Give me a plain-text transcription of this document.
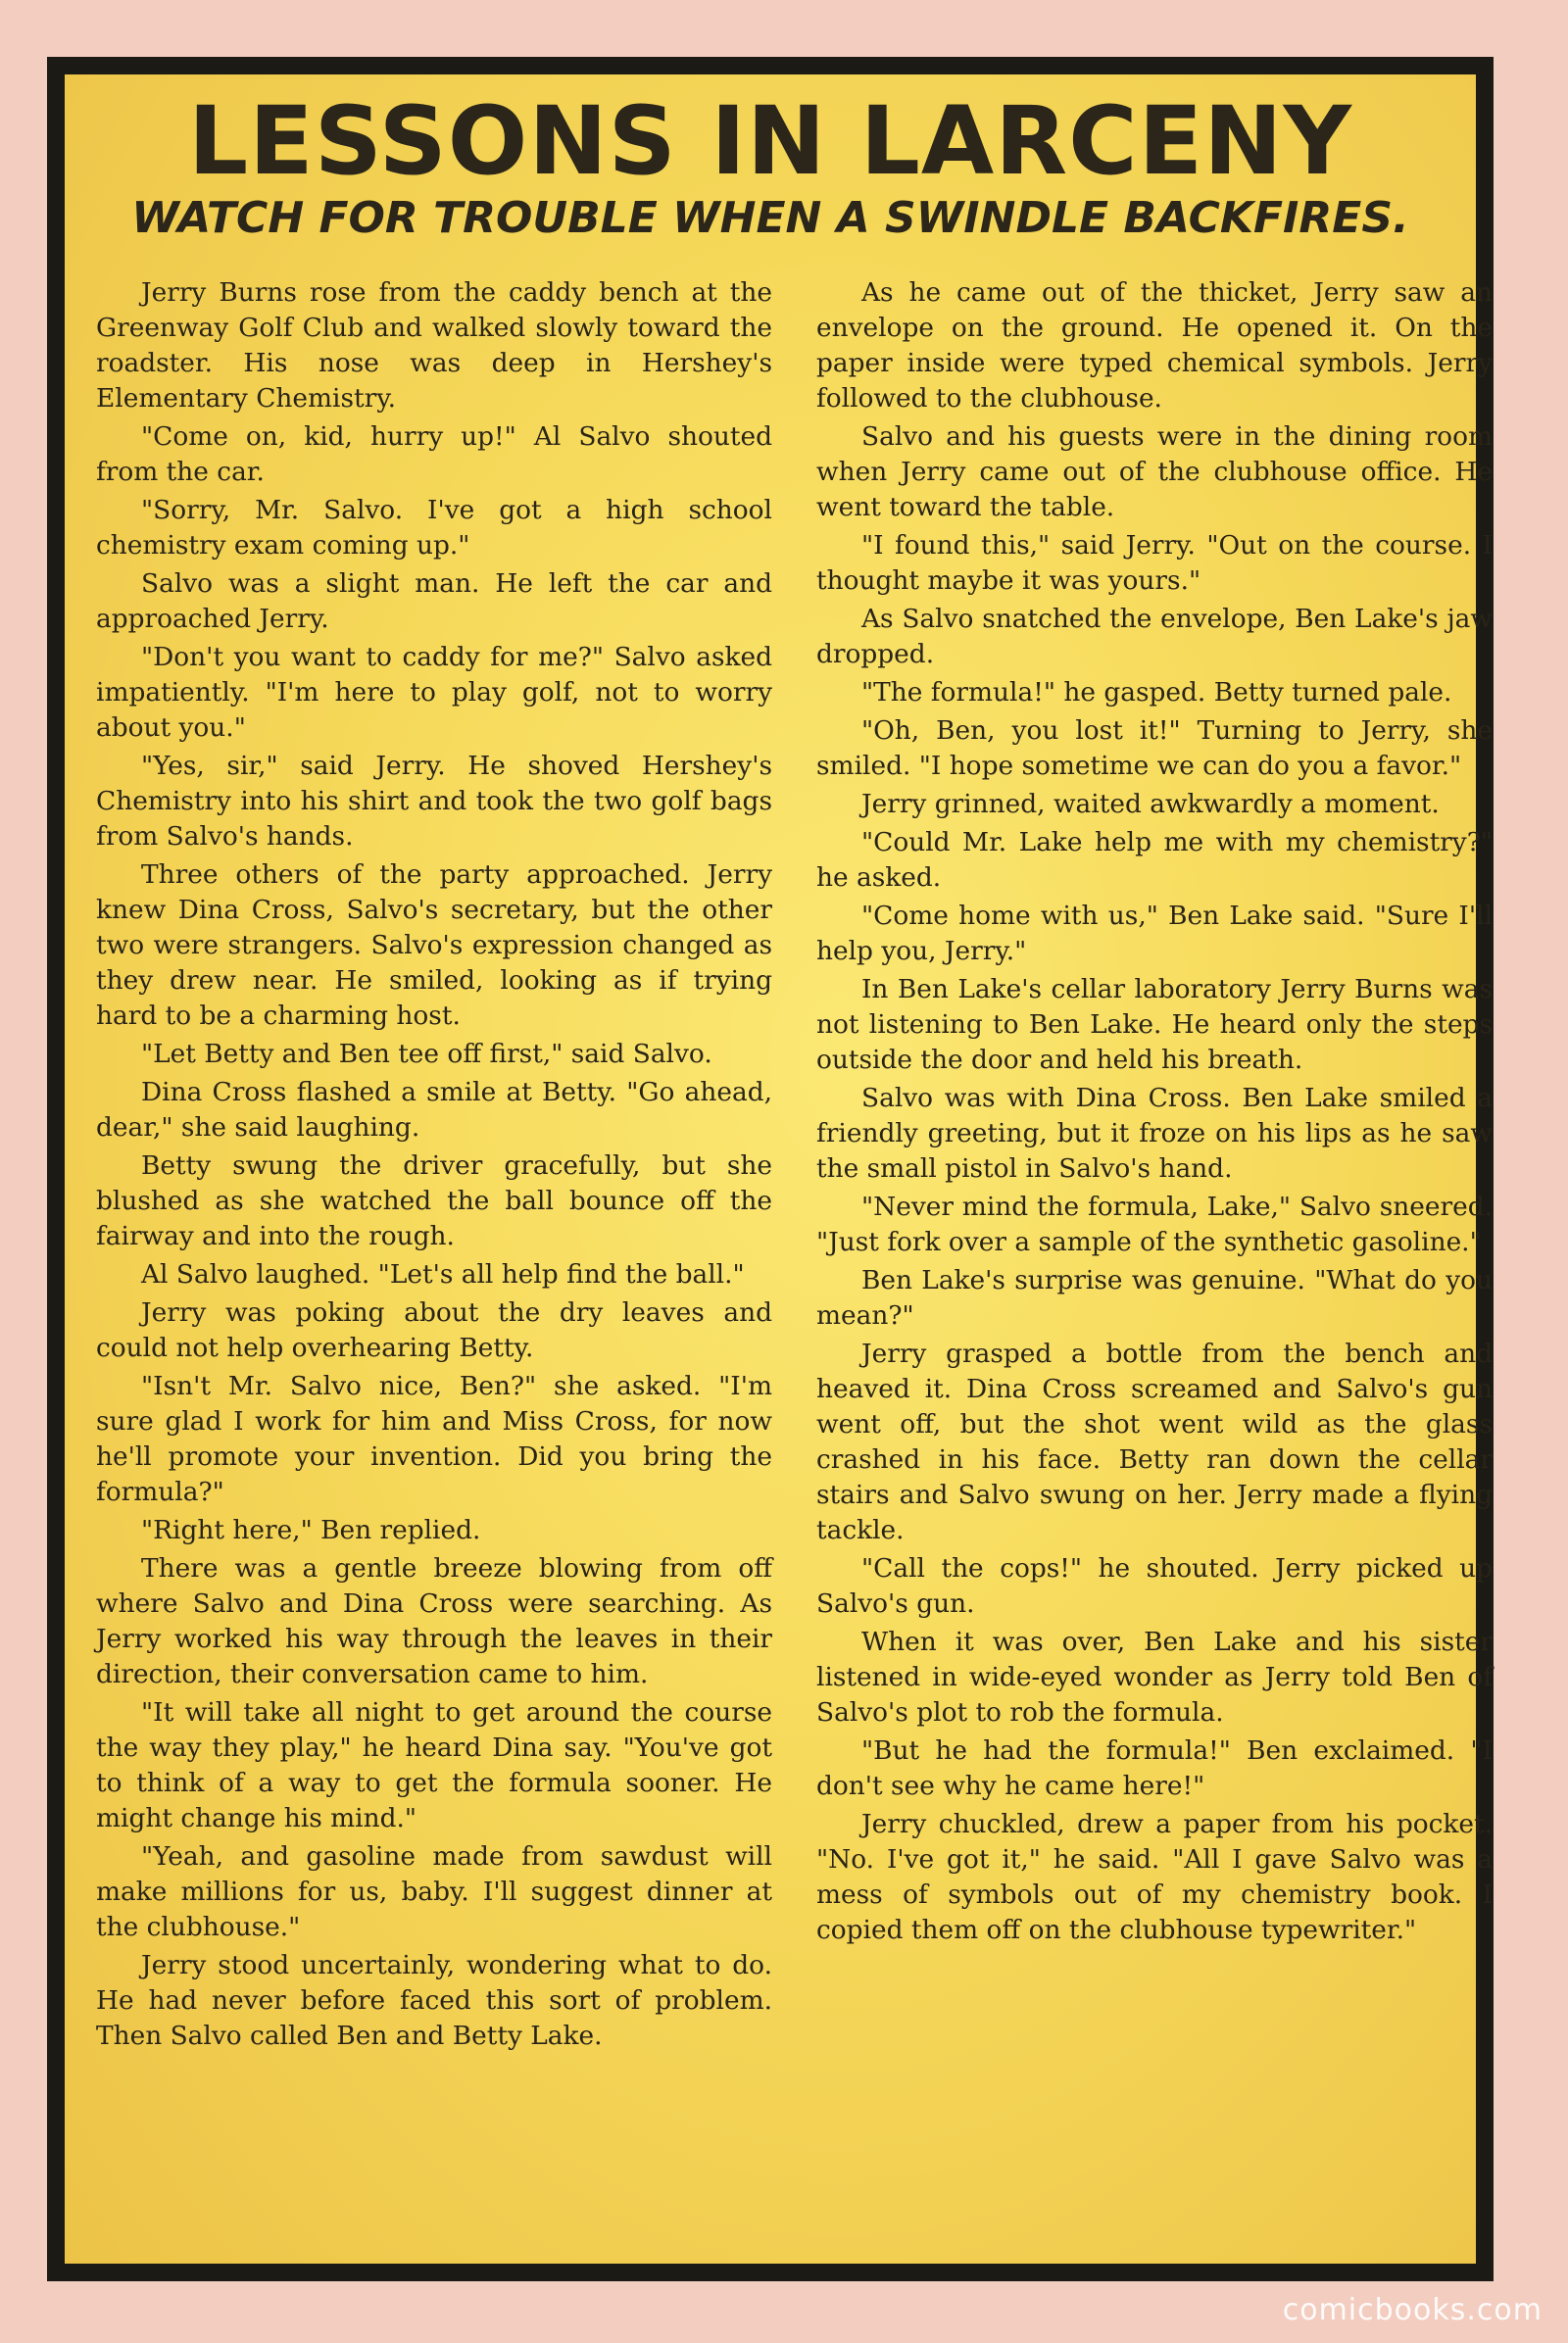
LESSONS IN LARCENY
WATCH FOR TROUBLE WHEN A SWINDLE BACKFIRES.

Jerry Burns rose from the caddy bench at the Greenway Golf Club and walked slowly toward the roadster. His nose was deep in Hershey's Elementary Chemistry.

"Come on, kid, hurry up!" Al Salvo shouted from the car.

"Sorry, Mr. Salvo. I've got a high school chemistry exam coming up."

Salvo was a slight man. He left the car and approached Jerry.

"Don't you want to caddy for me?" Salvo asked impatiently. "I'm here to play golf, not to worry about you."

"Yes, sir," said Jerry. He shoved Hershey's Chemistry into his shirt and took the two golf bags from Salvo's hands.

Three others of the party approached. Jerry knew Dina Cross, Salvo's secretary, but the other two were strangers. Salvo's expression changed as they drew near. He smiled, looking as if trying hard to be a charming host.

"Let Betty and Ben tee off first," said Salvo.

Dina Cross flashed a smile at Betty. "Go ahead, dear," she said laughing.

Betty swung the driver gracefully, but she blushed as she watched the ball bounce off the fairway and into the rough.

Al Salvo laughed. "Let's all help find the ball."

Jerry was poking about the dry leaves and could not help overhearing Betty.

"Isn't Mr. Salvo nice, Ben?" she asked. "I'm sure glad I work for him and Miss Cross, for now he'll promote your invention. Did you bring the formula?"

"Right here," Ben replied.

There was a gentle breeze blowing from off where Salvo and Dina Cross were searching. As Jerry worked his way through the leaves in their direction, their conversation came to him.

"It will take all night to get around the course the way they play," he heard Dina say. "You've got to think of a way to get the formula sooner. He might change his mind."

"Yeah, and gasoline made from sawdust will make millions for us, baby. I'll suggest dinner at the clubhouse."

Jerry stood uncertainly, wondering what to do. He had never before faced this sort of problem. Then Salvo called Ben and Betty Lake.

As he came out of the thicket, Jerry saw an envelope on the ground. He opened it. On the paper inside were typed chemical symbols. Jerry followed to the clubhouse.

Salvo and his guests were in the dining room when Jerry came out of the clubhouse office. He went toward the table.

"I found this," said Jerry. "Out on the course. I thought maybe it was yours."

As Salvo snatched the envelope, Ben Lake's jaw dropped.

"The formula!" he gasped. Betty turned pale.

"Oh, Ben, you lost it!" Turning to Jerry, she smiled. "I hope sometime we can do you a favor."

Jerry grinned, waited awkwardly a moment.

"Could Mr. Lake help me with my chemistry?" he asked.

"Come home with us," Ben Lake said. "Sure I'll help you, Jerry."

In Ben Lake's cellar laboratory Jerry Burns was not listening to Ben Lake. He heard only the steps outside the door and held his breath.

Salvo was with Dina Cross. Ben Lake smiled a friendly greeting, but it froze on his lips as he saw the small pistol in Salvo's hand.

"Never mind the formula, Lake," Salvo sneered. "Just fork over a sample of the synthetic gasoline."

Ben Lake's surprise was genuine. "What do you mean?"

Jerry grasped a bottle from the bench and heaved it. Dina Cross screamed and Salvo's gun went off, but the shot went wild as the glass crashed in his face. Betty ran down the cellar stairs and Salvo swung on her. Jerry made a flying tackle.

"Call the cops!" he shouted. Jerry picked up Salvo's gun.

When it was over, Ben Lake and his sister listened in wide-eyed wonder as Jerry told Ben of Salvo's plot to rob the formula.

"But he had the formula!" Ben exclaimed. "I don't see why he came here!"

Jerry chuckled, drew a paper from his pocket. "No. I've got it," he said. "All I gave Salvo was a mess of symbols out of my chemistry book. I copied them off on the clubhouse typewriter."

comicbooks.com
